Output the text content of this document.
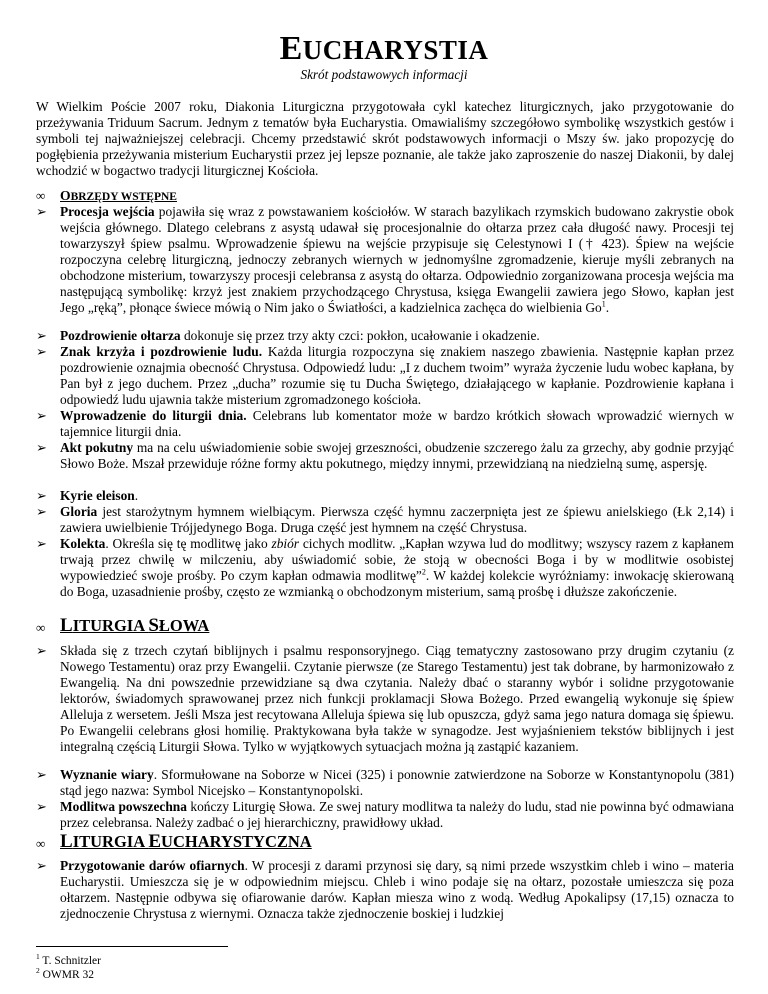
EUCHARYSTIA
Skrót podstawowych informacji

W Wielkim Poście 2007 roku, Diakonia Liturgiczna przygotowała cykl katechez liturgicznych, jako przygotowanie do przeżywania Triduum Sacrum. Jednym z tematów była Eucharystia. Omawialiśmy szczegółowo symbolikę wszystkich gestów i symboli tej najważniejszej celebracji. Chcemy przedstawić skrót podstawowych informacji o Mszy św. jako propozycję do pogłębienia przeżywania misterium Eucharystii przez jej lepsze poznanie, ale także jako zaproszenie do naszej Diakonii, by dalej wchodzić w bogactwo tradycji liturgicznej Kościoła.

∞ OBRZĘDY WSTĘPNE
➢ Procesja wejścia pojawiła się wraz z powstawaniem kościołów. W starach bazylikach rzymskich budowano zakrystie obok wejścia głównego. Dlatego celebrans z asystą udawał się procesjonalnie do ołtarza przez cała długość nawy. Procesji tej towarzyszył śpiew psalmu. Wprowadzenie śpiewu na wejście przypisuje się Celestynowi I († 423). Śpiew na wejście rozpoczyna celebrę liturgiczną, jednoczy zebranych wiernych w jednomyślne zgromadzenie, kieruje myśli zebranych na obchodzone misterium, towarzyszy procesji celebransa z asystą do ołtarza. Odpowiednio zorganizowana procesja wejścia ma następującą symbolikę: krzyż jest znakiem przychodzącego Chrystusa, księga Ewangelii zawiera jego Słowo, kapłan jest Jego „ręką”, płonące świece mówią o Nim jako o Światłości, a kadzielnica zachęca do wielbienia Go$^1$.
➢ Pozdrowienie ołtarza dokonuje się przez trzy akty czci: pokłon, ucałowanie i okadzenie.
➢ Znak krzyża i pozdrowienie ludu. Każda liturgia rozpoczyna się znakiem naszego zbawienia. Następnie kapłan przez pozdrowienie oznajmia obecność Chrystusa. Odpowiedź ludu: „I z duchem twoim” wyraża życzenie ludu wobec kapłana, by Pan był z jego duchem. Przez „ducha” rozumie się tu Ducha Świętego, działającego w kapłanie. Pozdrowienie kapłana i odpowiedź ludu ujawnia także misterium zgromadzonego kościoła.
➢ Wprowadzenie do liturgii dnia. Celebrans lub komentator może w bardzo krótkich słowach wprowadzić wiernych w tajemnice liturgii dnia.
➢ Akt pokutny ma na celu uświadomienie sobie swojej grzeszności, obudzenie szczerego żalu za grzechy, aby godnie przyjąć Słowo Boże. Mszał przewiduje różne formy aktu pokutnego, między innymi, przewidzianą na niedzielną sumę, aspersję.
➢ Kyrie eleison.
➢ Gloria jest starożytnym hymnem wielbiącym. Pierwsza część hymnu zaczerpnięta jest ze śpiewu anielskiego (Łk 2,14) i zawiera uwielbienie Trójjedynego Boga. Druga część jest hymnem na część Chrystusa.
➢ Kolekta. Określa się tę modlitwę jako zbiór cichych modlitw. „Kapłan wzywa lud do modlitwy; wszyscy razem z kapłanem trwają przez chwilę w milczeniu, aby uświadomić sobie, że stoją w obecności Boga i by w modlitwie osobistej wypowiedzieć swoje prośby. Po czym kapłan odmawia modlitwę”$^2$. W każdej kolekcie wyróżniamy: inwokację skierowaną do Boga, uzasadnienie prośby, często ze wzmianką o obchodzonym misterium, samą prośbę i dłuższe zakończenie.
∞ LITURGIA SŁOWA
➢ Składa się z trzech czytań biblijnych i psalmu responsoryjnego. Ciąg tematyczny zastosowano przy drugim czytaniu (z Nowego Testamentu) oraz przy Ewangelii. Czytanie pierwsze (ze Starego Testamentu) jest tak dobrane, by harmonizowało z Ewangelią. Na dni powszednie przewidziane są dwa czytania. Należy dbać o staranny wybór i solidne przygotowanie lektorów, świadomych sprawowanej przez nich funkcji proklamacji Słowa Bożego. Przed ewangelią wykonuje się śpiew Alleluja z wersetem. Jeśli Msza jest recytowana Alleluja śpiewa się lub opuszcza, gdyż sama jego natura domaga się śpiewu. Po Ewangelii celebrans głosi homilię. Praktykowana była także w synagodze. Jest wyjaśnieniem tekstów biblijnych i jest integralną częścią Liturgii Słowa. Tylko w wyjątkowych sytuacjach można ją zastąpić kazaniem.
➢ Wyznanie wiary. Sformułowane na Soborze w Nicei (325) i ponownie zatwierdzone na Soborze w Konstantynopolu (381) stąd jego nazwa: Symbol Nicejsko – Konstantynopolski.
➢ Modlitwa powszechna kończy Liturgię Słowa. Ze swej natury modlitwa ta należy do ludu, stad nie powinna być odmawiana przez celebransa. Należy zadbać o jej hierarchiczny, prawidłowy układ.
∞ LITURGIA EUCHARYSTYCZNA
➢ Przygotowanie darów ofiarnych. W procesji z darami przynosi się dary, są nimi przede wszystkim chleb i wino – materia Eucharystii. Umieszcza się je w odpowiednim miejscu. Chleb i wino podaje się na ołtarz, pozostałe umieszcza się poza ołtarzem. Następnie odbywa się ofiarowanie darów. Kapłan miesza wino z wodą. Według Apokalipsy (17,15) oznacza to zjednoczenie Chrystusa z wiernymi. Oznacza także zjednoczenie boskiej i ludzkiej
$^1$ T. Schnitzler
$^2$ OWMR 32
